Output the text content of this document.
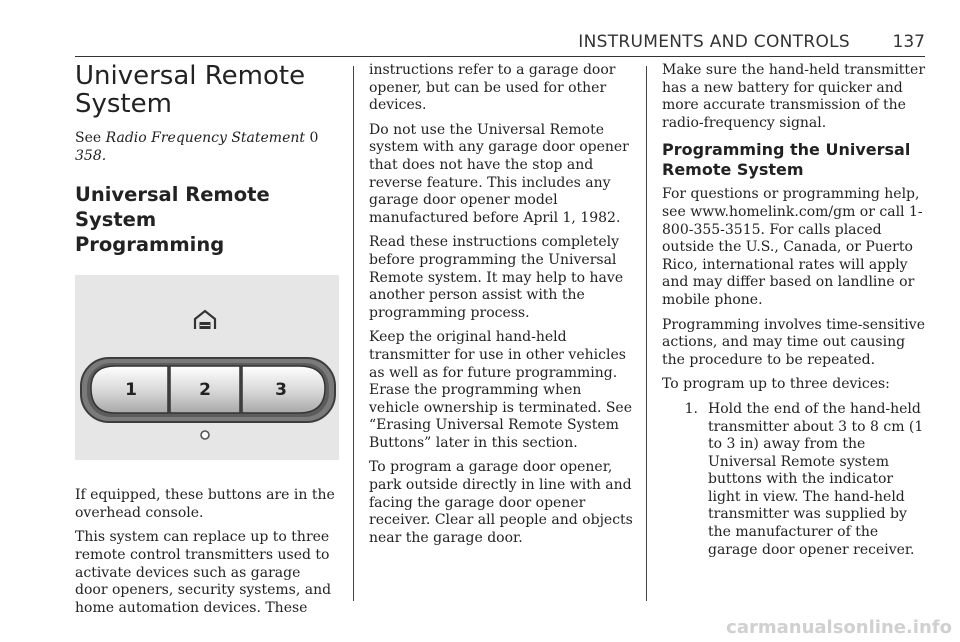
INSTRUMENTS AND CONTROLS	137
Universal Remote
System

See Radio Frequency Statement 0 358.

Universal Remote System
Programming
1	2	3

If equipped, these buttons are in the overhead console.

This system can replace up to three remote control transmitters used to activate devices such as garage door openers, security systems, and home automation devices. These

instructions refer to a garage door opener, but can be used for other devices.

Do not use the Universal Remote system with any garage door opener that does not have the stop and reverse feature. This includes any garage door opener model manufactured before April 1, 1982.

Read these instructions completely before programming the Universal Remote system. It may help to have another person assist with the programming process.

Keep the original hand-held transmitter for use in other vehicles as well as for future programming. Erase the programming when vehicle ownership is terminated. See “Erasing Universal Remote System Buttons” later in this section.

To program a garage door opener, park outside directly in line with and facing the garage door opener receiver. Clear all people and objects near the garage door.

Make sure the hand-held transmitter has a new battery for quicker and more accurate transmission of the radio-frequency signal.

Programming the Universal
Remote System

For questions or programming help, see www.homelink.com/gm or call 1-800-355-3515. For calls placed outside the U.S., Canada, or Puerto Rico, international rates will apply and may differ based on landline or mobile phone.

Programming involves time-sensitive actions, and may time out causing the procedure to be repeated.

To program up to three devices:

1. Hold the end of the hand-held transmitter about 3 to 8 cm (1 to 3 in) away from the Universal Remote system buttons with the indicator light in view. The hand-held transmitter was supplied by the manufacturer of the garage door opener receiver.
carmanualsonline.info
